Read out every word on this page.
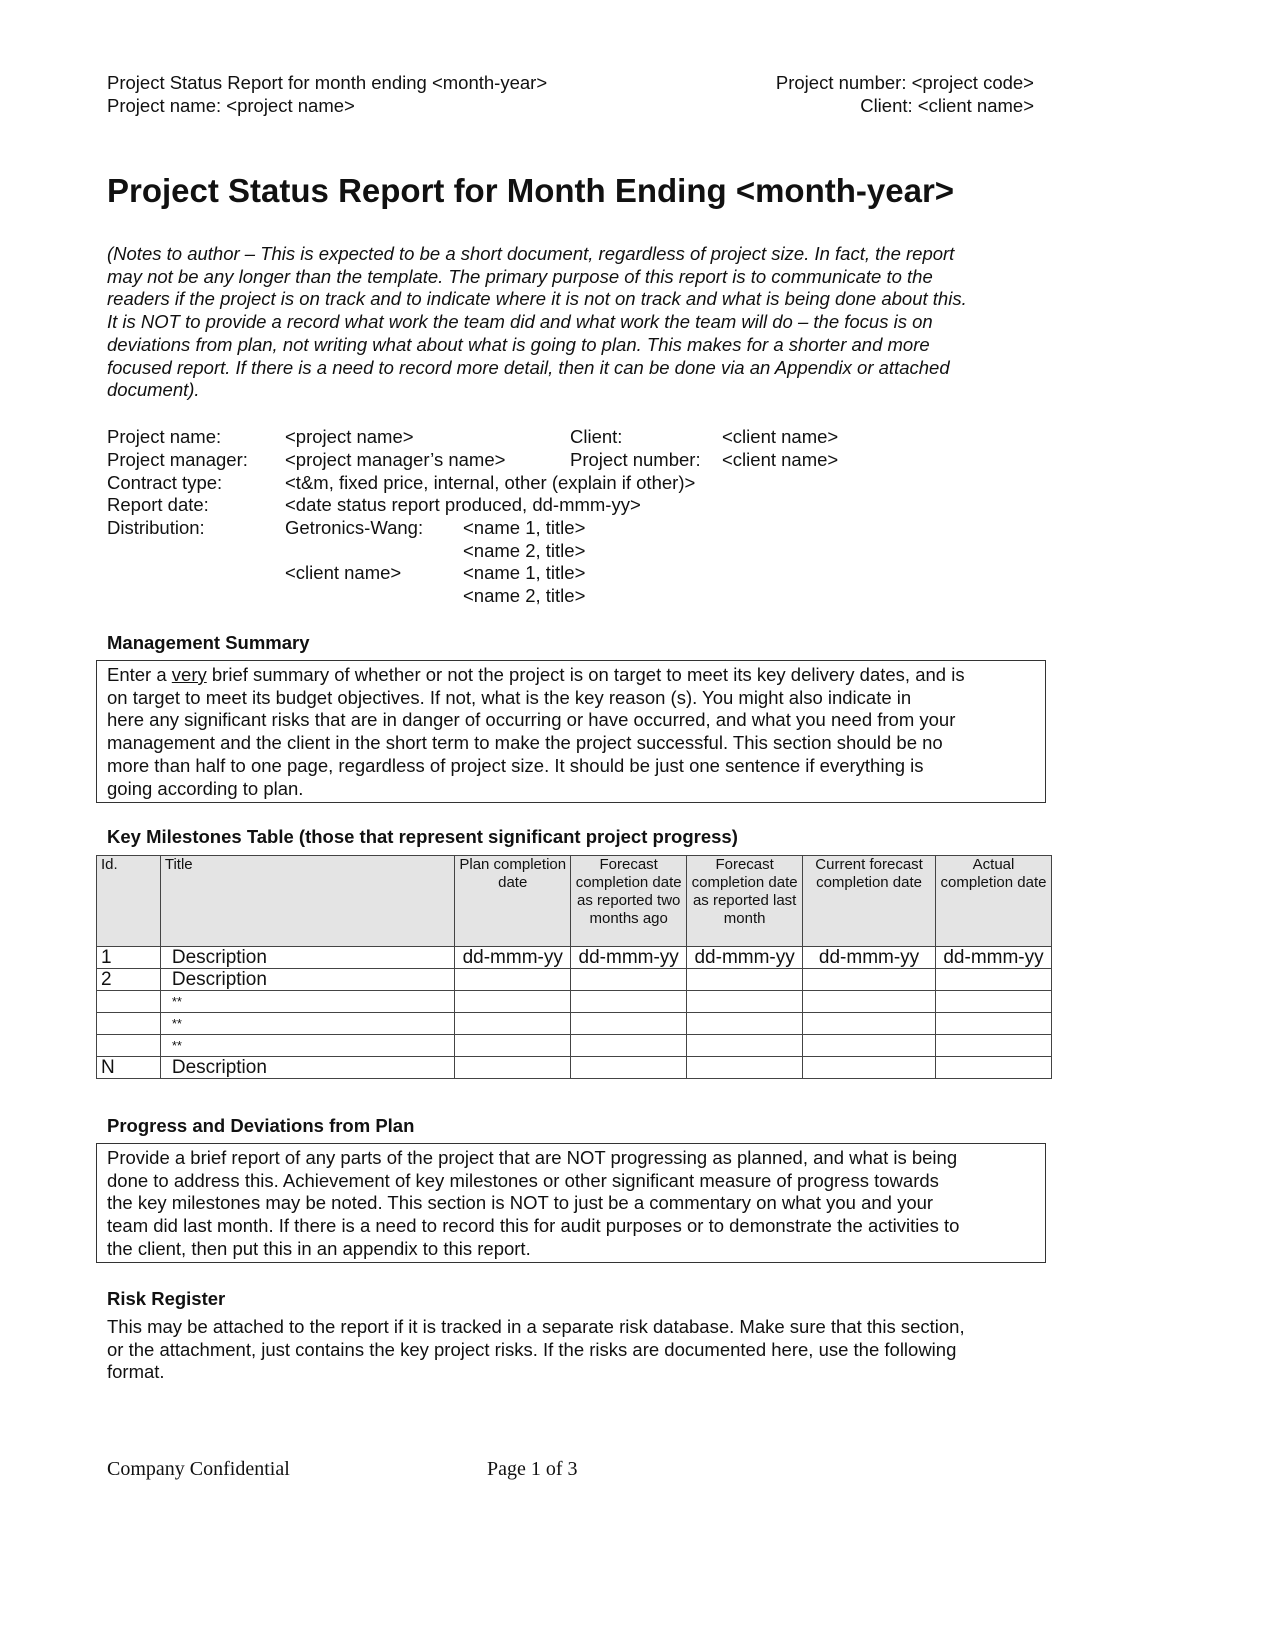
Project Status Report for month ending <month-year>
Project name: <project name>
Project number: <project code>
Client: <client name>
Project Status Report for Month Ending <month-year>
(Notes to author – This is expected to be a short document, regardless of project size. In fact, the report
may not be any longer than the template. The primary purpose of this report is to communicate to the
readers if the project is on track and to indicate where it is not on track and what is being done about this.
It is NOT to provide a record what work the team did and what work the team will do – the focus is on
deviations from plan, not writing what about what is going to plan. This makes for a shorter and more
focused report. If there is a need to record more detail, then it can be done via an Appendix or attached
document).
Project name:	<project name>	Client:	<client name>
Project manager: <project manager’s name>	Project number: <client name>
Contract type:	<t&m, fixed price, internal, other (explain if other)>
Report date:	<date status report produced, dd-mmm-yy>
Distribution:	Getronics-Wang: <name 1, title>
<name 2, title>
<client name>	<name 1, title>
<name 2, title>
Management Summary
Enter a very brief summary of whether or not the project is on target to meet its key delivery dates, and is
on target to meet its budget objectives. If not, what is the key reason (s). You might also indicate in
here any significant risks that are in danger of occurring or have occurred, and what you need from your
management and the client in the short term to make the project successful. This section should be no
more than half to one page, regardless of project size. It should be just one sentence if everything is
going according to plan.
Key Milestones Table (those that represent significant project progress)
Id.	Title	Plan completion date	Forecast completion date as reported two months ago	Forecast completion date as reported last month	Current forecast completion date	Actual completion date
1	Description	dd-mmm-yy	dd-mmm-yy	dd-mmm-yy	dd-mmm-yy	dd-mmm-yy
2	Description					
	**					
	**					
	**					
N	Description					
Progress and Deviations from Plan
Provide a brief report of any parts of the project that are NOT progressing as planned, and what is being
done to address this. Achievement of key milestones or other significant measure of progress towards
the key milestones may be noted. This section is NOT to just be a commentary on what you and your
team did last month. If there is a need to record this for audit purposes or to demonstrate the activities to
the client, then put this in an appendix to this report.
Risk Register
This may be attached to the report if it is tracked in a separate risk database. Make sure that this section,
or the attachment, just contains the key project risks. If the risks are documented here, use the following
format.
Company Confidential	Page 1 of 3
